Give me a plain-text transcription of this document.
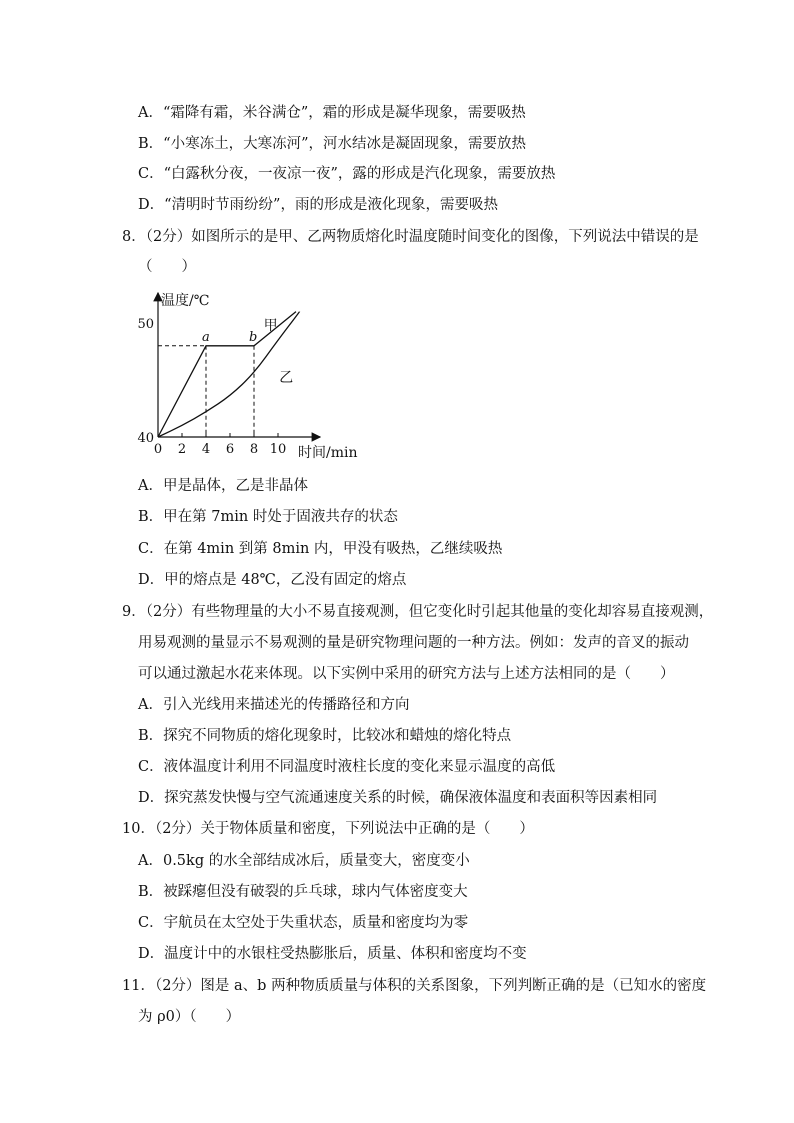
A．“霜降有霜，米谷满仓”，霜的形成是凝华现象，需要吸热
B．“小寒冻土，大寒冻河”，河水结冰是凝固现象，需要放热
C．“白露秋分夜，一夜凉一夜”，露的形成是汽化现象，需要放热
D．“清明时节雨纷纷”，雨的形成是液化现象，需要吸热
8．（2分）如图所示的是甲、乙两物质熔化时温度随时间变化的图像，下列说法中错误的是
（　　）
温度/℃
时间/min
0 2 4 6 8 10
40
50	甲
乙
a	b
A．甲是晶体，乙是非晶体
B．甲在第 7min 时处于固液共存的状态
C．在第 4min 到第 8min 内，甲没有吸热，乙继续吸热
D．甲的熔点是 48℃，乙没有固定的熔点
9．（2分）有些物理量的大小不易直接观测，但它变化时引起其他量的变化却容易直接观测，
用易观测的量显示不易观测的量是研究物理问题的一种方法。例如：发声的音叉的振动
可以通过激起水花来体现。以下实例中采用的研究方法与上述方法相同的是（　　）
A．引入光线用来描述光的传播路径和方向
B．探究不同物质的熔化现象时，比较冰和蜡烛的熔化特点
C．液体温度计利用不同温度时液柱长度的变化来显示温度的高低
D．探究蒸发快慢与空气流通速度关系的时候，确保液体温度和表面积等因素相同
10．（2分）关于物体质量和密度，下列说法中正确的是（　　）
A．0.5kg 的水全部结成冰后，质量变大，密度变小
B．被踩瘪但没有破裂的乒乓球，球内气体密度变大
C．宇航员在太空处于失重状态，质量和密度均为零
D．温度计中的水银柱受热膨胀后，质量、体积和密度均不变
11．（2分）图是 a、b 两种物质质量与体积的关系图象，下列判断正确的是（已知水的密度
为 ρ0）（　　）
